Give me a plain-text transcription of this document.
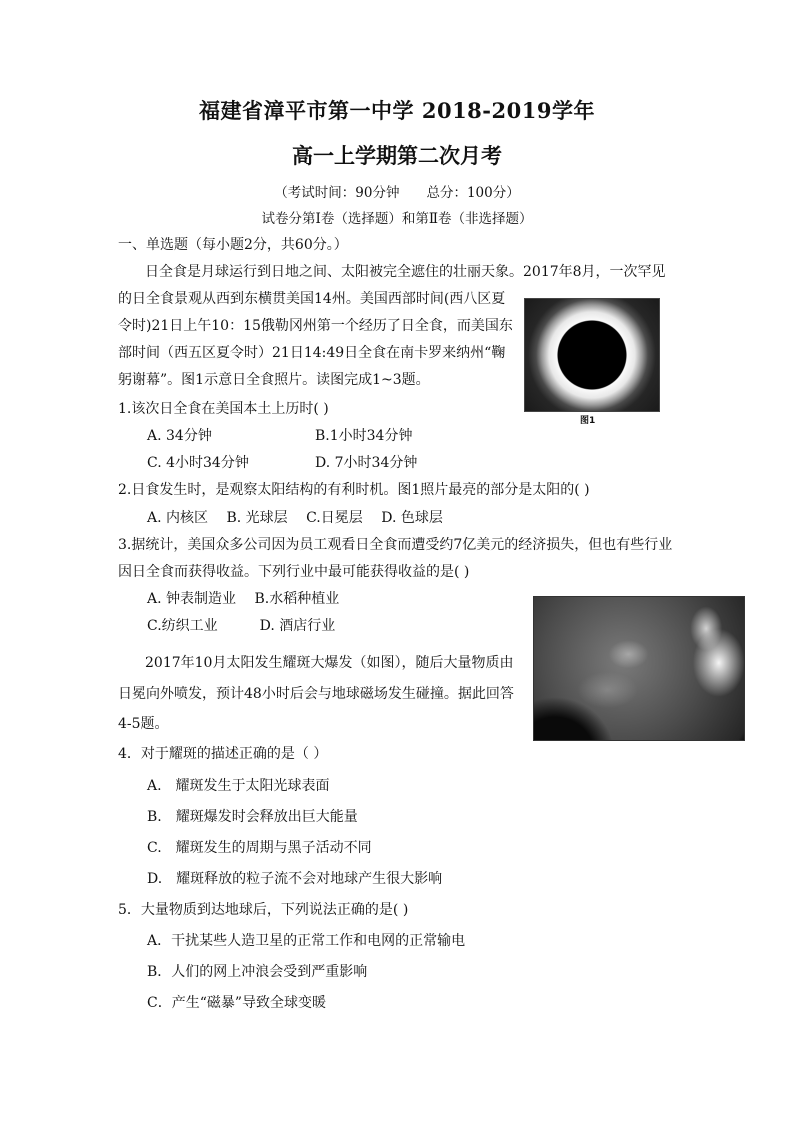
福建省漳平市第一中学 2018-2019学年
高一上学期第二次月考
（考试时间：90分钟　　总分：100分）
试卷分第Ⅰ卷（选择题）和第Ⅱ卷（非选择题）
一、单选题（每小题2分，共60分。）
日全食是月球运行到日地之间、太阳被完全遮住的壮丽天象。2017年8月，一次罕见
的日全食景观从西到东横贯美国14州。美国西部时间(西八区夏
令时)21日上午10：15俄勒冈州第一个经历了日全食，而美国东
部时间（西五区夏令时）21日14:49日全食在南卡罗来纳州“鞠
躬谢幕”。图1示意日全食照片。读图完成1~3题。
图1
1.该次日全食在美国本土上历时( )
A. 34分钟	B.1小时34分钟
C. 4小时34分钟	D. 7小时34分钟
2.日食发生时，是观察太阳结构的有利时机。图1照片最亮的部分是太阳的( )
A. 内核区　 B. 光球层　 C.日冕层　 D. 色球层
3.据统计，美国众多公司因为员工观看日全食而遭受约7亿美元的经济损失，但也有些行业
因日全食而获得收益。下列行业中最可能获得收益的是( )
A. 钟表制造业　 B.水稻种植业
C.纺织工业　　　D. 酒店行业
2017年10月太阳发生耀斑大爆发（如图），随后大量物质由
日冕向外喷发，预计48小时后会与地球磁场发生碰撞。据此回答
4-5题。
4．对于耀斑的描述正确的是（ ）
A.　耀斑发生于太阳光球表面
B.　耀斑爆发时会释放出巨大能量
C.　耀斑发生的周期与黑子活动不同
D.　耀斑释放的粒子流不会对地球产生很大影响
5．大量物质到达地球后，下列说法正确的是( )
A．干扰某些人造卫星的正常工作和电网的正常输电
B．人们的网上冲浪会受到严重影响
C．产生“磁暴”导致全球变暖
